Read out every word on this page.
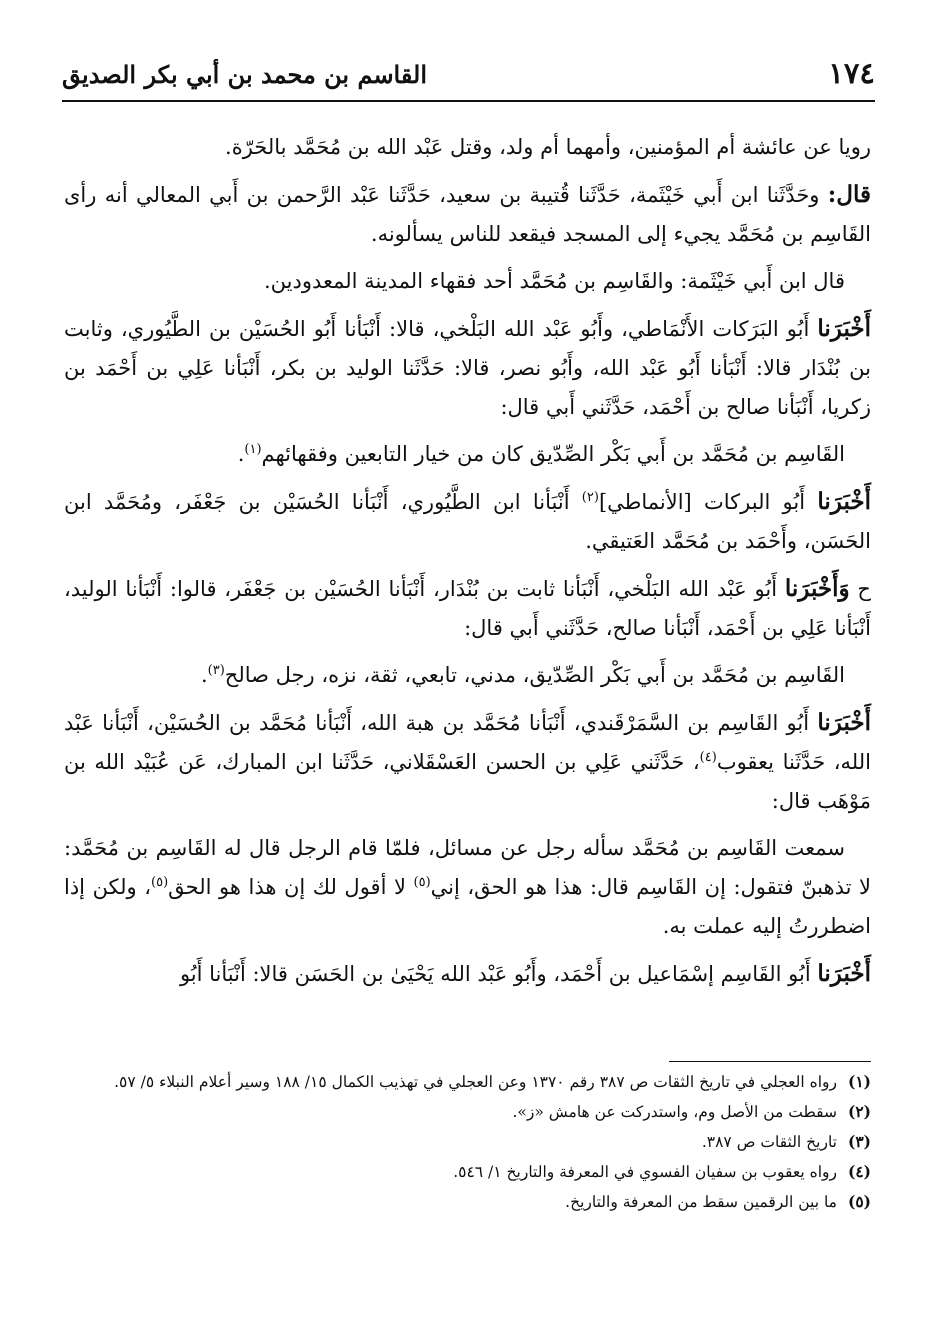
١٧٤
القاسم بن محمد بن أبي بكر الصديق

رويا عن عائشة أم المؤمنين، وأمهما أم ولد، وقتل عَبْد الله بن مُحَمَّد بالحَرّة.

قال: وحَدَّثَنا ابن أَبي خَيْثَمة، حَدَّثَنا قُتيبة بن سعيد، حَدَّثَنا عَبْد الرَّحمن بن أَبي المعالي أنه رأى القَاسِم بن مُحَمَّد يجيء إلى المسجد فيقعد للناس يسألونه.

قال ابن أَبي خَيْثَمة: والقَاسِم بن مُحَمَّد أحد فقهاء المدينة المعدودين.

أَخْبَرَنا أَبُو البَرَكات الأَنْمَاطي، وأَبُو عَبْد الله البَلْخي، قالا: أَنْبَأنا أَبُو الحُسَيْن بن الطَّيُوري، وثابت بن بُنْدَار قالا: أَنْبَأنا أَبُو عَبْد الله، وأَبُو نصر، قالا: حَدَّثَنا الوليد بن بكر، أَنْبَأنا عَلِي بن أَحْمَد بن زكريا، أَنْبَأنا صالح بن أَحْمَد، حَدَّثَني أَبي قال:

القَاسِم بن مُحَمَّد بن أَبي بَكْر الصِّدّيق كان من خيار التابعين وفقهائهم$^{(١)}$.

أَخْبَرَنا أَبُو البركات [الأنماطي]$^{(٢)}$ أَنْبَأنا ابن الطَّيُوري، أَنْبَأنا الحُسَيْن بن جَعْفَر، ومُحَمَّد ابن الحَسَن، وأَحْمَد بن مُحَمَّد العَتيقي.

ح وَأَخْبَرَنا أَبُو عَبْد الله البَلْخي، أَنْبَأنا ثابت بن بُنْدَار، أَنْبَأنا الحُسَيْن بن جَعْفَر، قالوا: أَنْبَأنا الوليد، أَنْبَأنا عَلِي بن أَحْمَد، أَنْبَأنا صالح، حَدَّثَني أَبي قال:

القَاسِم بن مُحَمَّد بن أَبي بَكْر الصِّدّيق، مدني، تابعي، ثقة، نزه، رجل صالح$^{(٣)}$.

أَخْبَرَنا أَبُو القَاسِم بن السَّمَرْقَندي، أَنْبَأنا مُحَمَّد بن هبة الله، أَنْبَأنا مُحَمَّد بن الحُسَيْن، أَنْبَأنا عَبْد الله، حَدَّثَنا يعقوب$^{(٤)}$، حَدَّثَني عَلِي بن الحسن العَسْقَلاني، حَدَّثَنا ابن المبارك، عَن عُبَيْد الله بن مَوْهَب قال:

سمعت القَاسِم بن مُحَمَّد سأله رجل عن مسائل، فلمّا قام الرجل قال له القَاسِم بن مُحَمَّد: لا تذهبنّ فتقول: إن القَاسِم قال: هذا هو الحق، إني$^{(٥)}$ لا أقول لك إن هذا هو الحق$^{(٥)}$، ولكن إذا اضطررتُ إليه عملت به.

أَخْبَرَنا أَبُو القَاسِم إسْمَاعيل بن أَحْمَد، وأَبُو عَبْد الله يَحْيَىٰ بن الحَسَن قالا: أَنْبَأنا أَبُو

(١)
رواه العجلي في تاريخ الثقات ص ٣٨٧ رقم ١٣٧٠ وعن العجلي في تهذيب الكمال ١٥/ ١٨٨ وسير أعلام النبلاء ٥/ ٥٧.
(٢)
سقطت من الأصل وم، واستدركت عن هامش «ز».
(٣)
تاريخ الثقات ص ٣٨٧.
(٤)
رواه يعقوب بن سفيان الفسوي في المعرفة والتاريخ ١/ ٥٤٦.
(٥)
ما بين الرقمين سقط من المعرفة والتاريخ.
